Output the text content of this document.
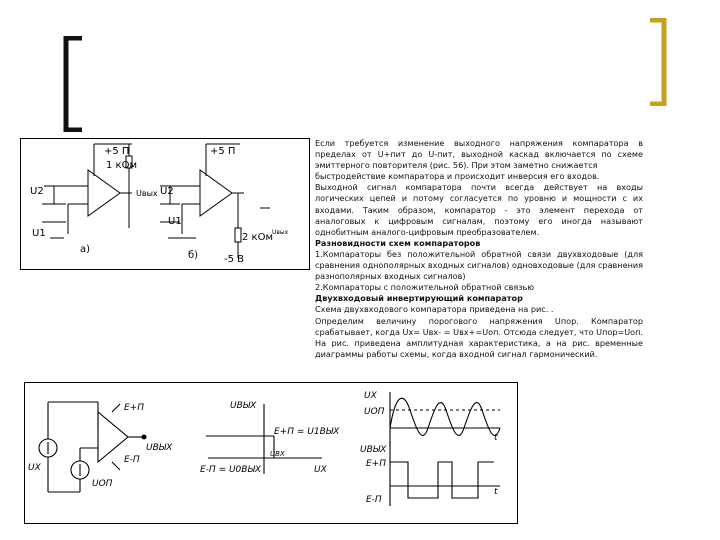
+5 П
1 кОм
U2
U1
Uвых
а)
+5 П
U2
U1
2 кОм Uвых
-5 В
б)

Если требуется изменение выходного напряжения компаратора в пределах от U+пит до U-пит, выходной каскад включается по схеме эмиттерного повторителя (рис. 56). При этом заметно снижается

быстродействие компаратора и происходит инверсия его входов.

Выходной сигнал компаратора почти всегда действует на входы логических цепей и потому согласуется по уровню и мощности с их входами. Таким образом, компаратор - это элемент перехода от аналоговых к цифровым сигналам, поэтому его иногда называют однобитным аналого-цифровым преобразователем.

Разновидности схем компараторов

1.Компараторы без положительной обратной связи двухвходовые (для сравнения однополярных входных сигналов) одновходовые (для сравнения разнополярных входных сигналов)

2.Компараторы с положительной обратной связью

Двухвходовый инвертирующий компаратор

Схема двухвходового компаратора приведена на рис. .

Определим величину порогового напряжения Uпор. Компаратор срабатывает, когда Uх= Uвх- = Uвх+=Uоп. Отсюда следует, что Uпор=Uоп. На рис. приведена амплитудная характеристика, а на рис. временные диаграммы работы схемы, когда входной сигнал гармонический.

E+П
E-П
UX
UОП
UВЫХ
UВЫХ
E+П = U1ВЫХ
UВХ
UX
E-П = U0ВЫХ
UX
UОП
t
UВЫХ
E+П
E-П
t
